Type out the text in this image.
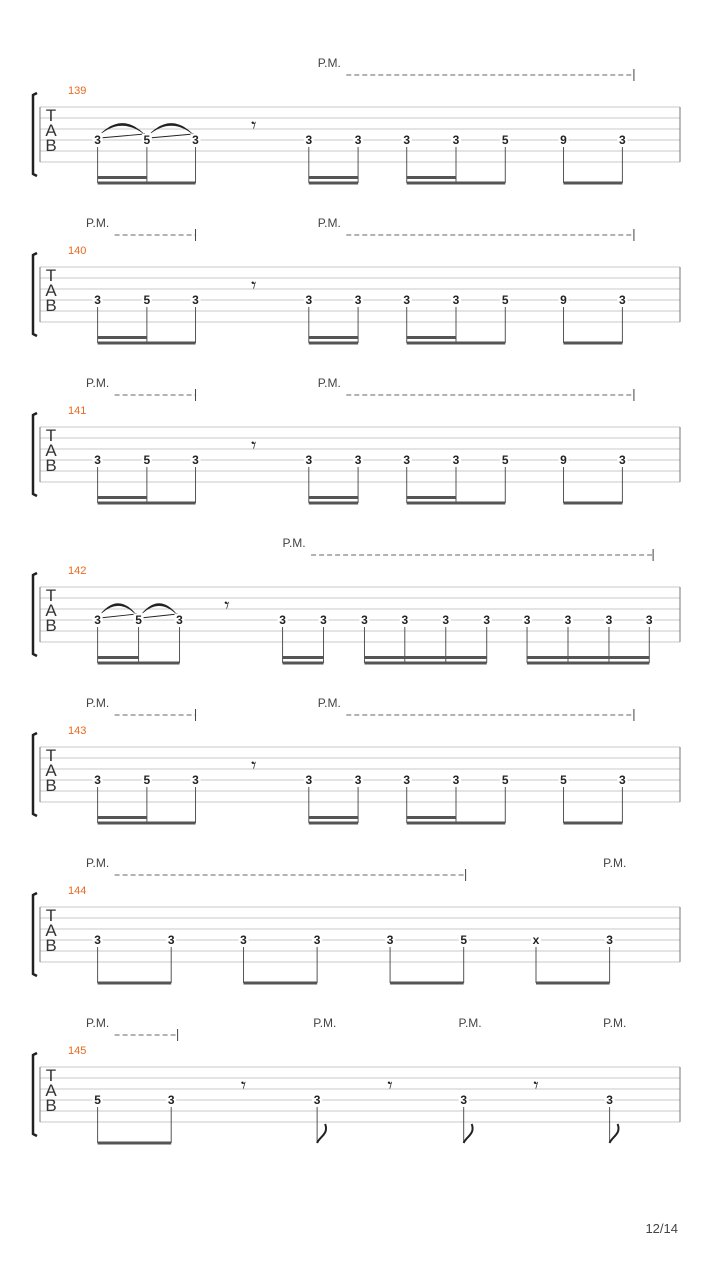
139
T
A
B
P.M.
𝄾
3	5	3	3	3	3	3	5	9	3
140
T
A
B
P.M.	P.M.
𝄾
3	5	3	3	3	3	3	5	9	3
141
T
A
B
P.M.	P.M.
𝄾
3	5	3	3	3	3	3	5	9	3
142
T
A
B
P.M.
𝄾
3	5	3	3	3	3	3	3	3	3	3	3	3
143
T
A
B
P.M.	P.M.
𝄾
3	5	3	3	3	3	3	5	5	3
144
T
A
B
P.M.	P.M.
3	3	3	3	3	5	x	3
145
T
A
B
P.M.	P.M.	P.M.	P.M.
𝄾	𝄾	𝄾
5	3	3	3	3
12/14
